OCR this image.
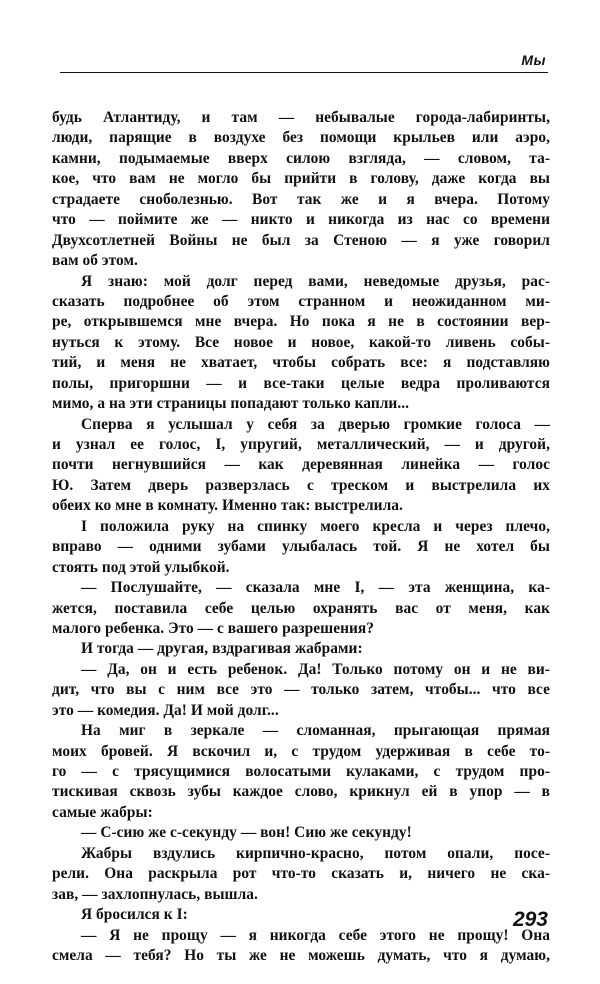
Мы
будь Атлантиду, и там — небывалые города-лабиринты,
люди, парящие в воздухе без помощи крыльев или аэро,
камни, подымаемые вверх силою взгляда, — словом, та-
кое, что вам не могло бы прийти в голову, даже когда вы
страдаете сноболезнью. Вот так же и я вчера. Потому
что — поймите же — никто и никогда из нас со времени
Двухсотлетней Войны не был за Стеною — я уже говорил
вам об этом.
Я знаю: мой долг перед вами, неведомые друзья, рас-
сказать подробнее об этом странном и неожиданном ми-
ре, открывшемся мне вчера. Но пока я не в состоянии вер-
нуться к этому. Все новое и новое, какой-то ливень собы-
тий, и меня не хватает, чтобы собрать все: я подставляю
полы, пригоршни — и все-таки целые ведра проливаются
мимо, а на эти страницы попадают только капли...
Сперва я услышал у себя за дверью громкие голоса —
и узнал ее голос, I, упругий, металлический, — и другой,
почти негнувшийся — как деревянная линейка — голос
Ю. Затем дверь разверзлась с треском и выстрелила их
обеих ко мне в комнату. Именно так: выстрелила.
I положила руку на спинку моего кресла и через плечо,
вправо — одними зубами улыбалась той. Я не хотел бы
стоять под этой улыбкой.
— Послушайте, — сказала мне I, — эта женщина, ка-
жется, поставила себе целью охранять вас от меня, как
малого ребенка. Это — с вашего разрешения?
И тогда — другая, вздрагивая жабрами:
— Да, он и есть ребенок. Да! Только потому он и не ви-
дит, что вы с ним все это — только затем, чтобы... что все
это — комедия. Да! И мой долг...
На миг в зеркале — сломанная, прыгающая прямая
моих бровей. Я вскочил и, с трудом удерживая в себе то-
го — с трясущимися волосатыми кулаками, с трудом про-
тискивая сквозь зубы каждое слово, крикнул ей в упор — в
самые жабры:
— С-сию же с-секунду — вон! Сию же секунду!
Жабры вздулись кирпично-красно, потом опали, посе-
рели. Она раскрыла рот что-то сказать и, ничего не ска-
зав, — захлопнулась, вышла.
Я бросился к I:
— Я не прощу — я никогда себе этого не прощу! Она
смела — тебя? Но ты же не можешь думать, что я думаю,
293
